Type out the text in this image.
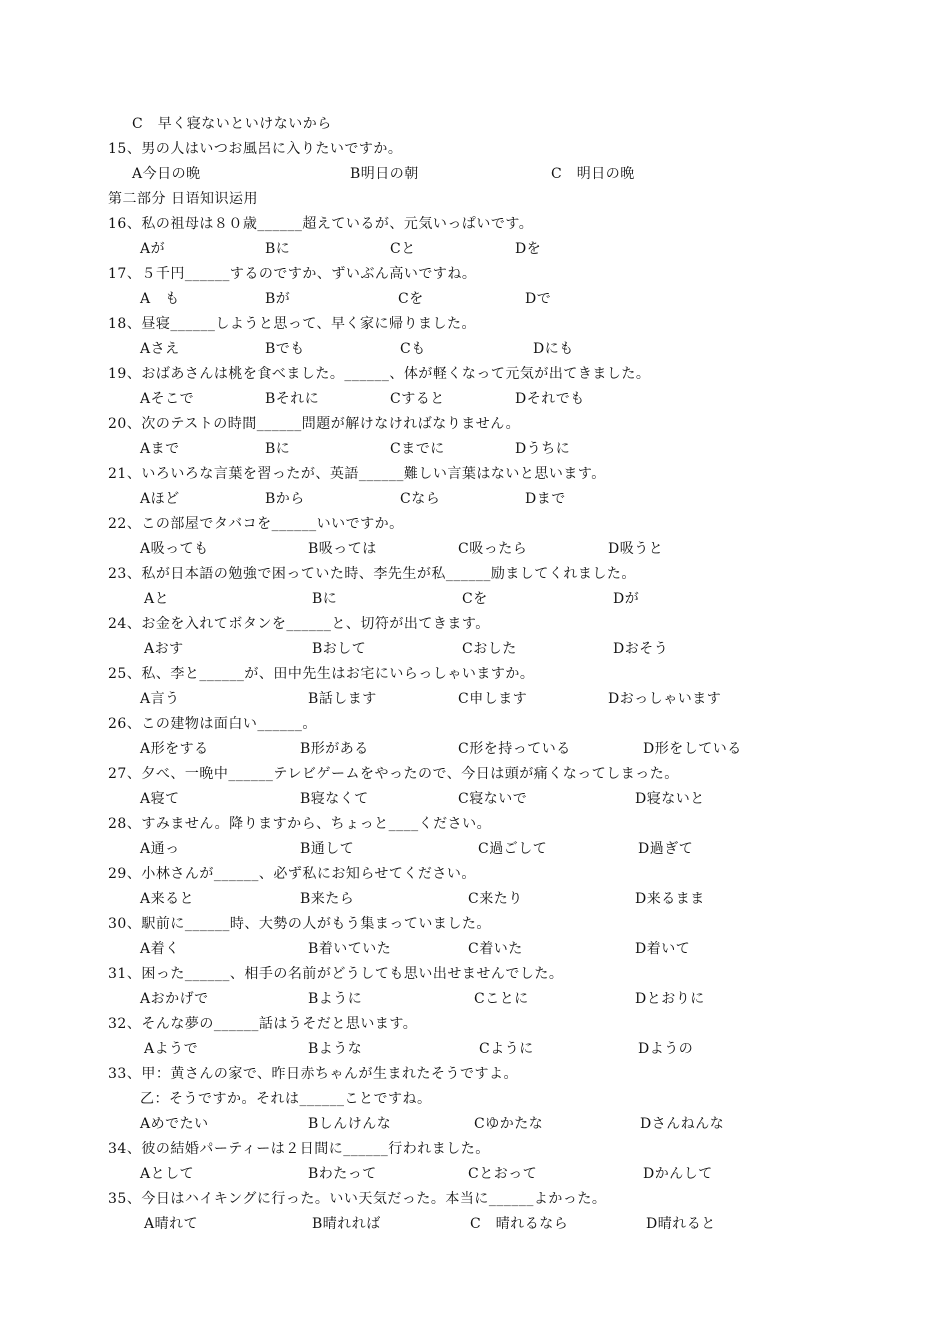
C　早く寝ないといけないから
15、男の人はいつお風呂に入りたいですか。
A今日の晩	B明日の朝	C　明日の晩
第二部分 日语知识运用
16、私の祖母は８０歳______超えているが、元気いっぱいです。
Aが	Bに	Cと	Dを
17、５千円______するのですか、ずいぶん高いですね。
A　も	Bが	Cを	Dで
18、昼寝______しようと思って、早く家に帰りました。
Aさえ	Bでも	Cも	Dにも
19、おばあさんは桃を食べました。______、体が軽くなって元気が出てきました。
Aそこで	Bそれに	Cすると	Dそれでも
20、次のテストの時間______問題が解けなければなりません。
Aまで	Bに	Cまでに	Dうちに
21、いろいろな言葉を習ったが、英語______難しい言葉はないと思います。
Aほど	Bから	Cなら	Dまで
22、この部屋でタバコを______いいですか。
A吸っても	B吸っては	C吸ったら	D吸うと
23、私が日本語の勉強で困っていた時、李先生が私______励ましてくれました。
Aと	Bに	Cを	Dが
24、お金を入れてボタンを______と、切符が出てきます。
Aおす	Bおして	Cおした	Dおそう
25、私、李と______が、田中先生はお宅にいらっしゃいますか。
A言う	B話します	C申します	Dおっしゃいます
26、この建物は面白い______。
A形をする	B形がある	C形を持っている	D形をしている
27、夕べ、一晩中______テレビゲームをやったので、今日は頭が痛くなってしまった。
A寝て	B寝なくて	C寝ないで	D寝ないと
28、すみません。降りますから、ちょっと____ください。
A通っ	B通して	C過ごして	D過ぎて
29、小林さんが______、必ず私にお知らせてください。
A来ると	B来たら	C来たり	D来るまま
30、駅前に______時、大勢の人がもう集まっていました。
A着く	B着いていた	C着いた	D着いて
31、困った______、相手の名前がどうしても思い出せませんでした。
Aおかげで	Bように	Cことに	Dとおりに
32、そんな夢の______話はうそだと思います。
Aようで	Bような	Cように	Dようの
33、甲：黄さんの家で、昨日赤ちゃんが生まれたそうですよ。
乙：そうですか。それは______ことですね。
Aめでたい	Bしんけんな	Cゆかたな	Dさんねんな
34、彼の結婚パーティーは２日間に______行われました。
Aとして	Bわたって	Cとおって	Dかんして
35、今日はハイキングに行った。いい天気だった。本当に______よかった。
A晴れて	B晴れれば	C　晴れるなら	D晴れると
